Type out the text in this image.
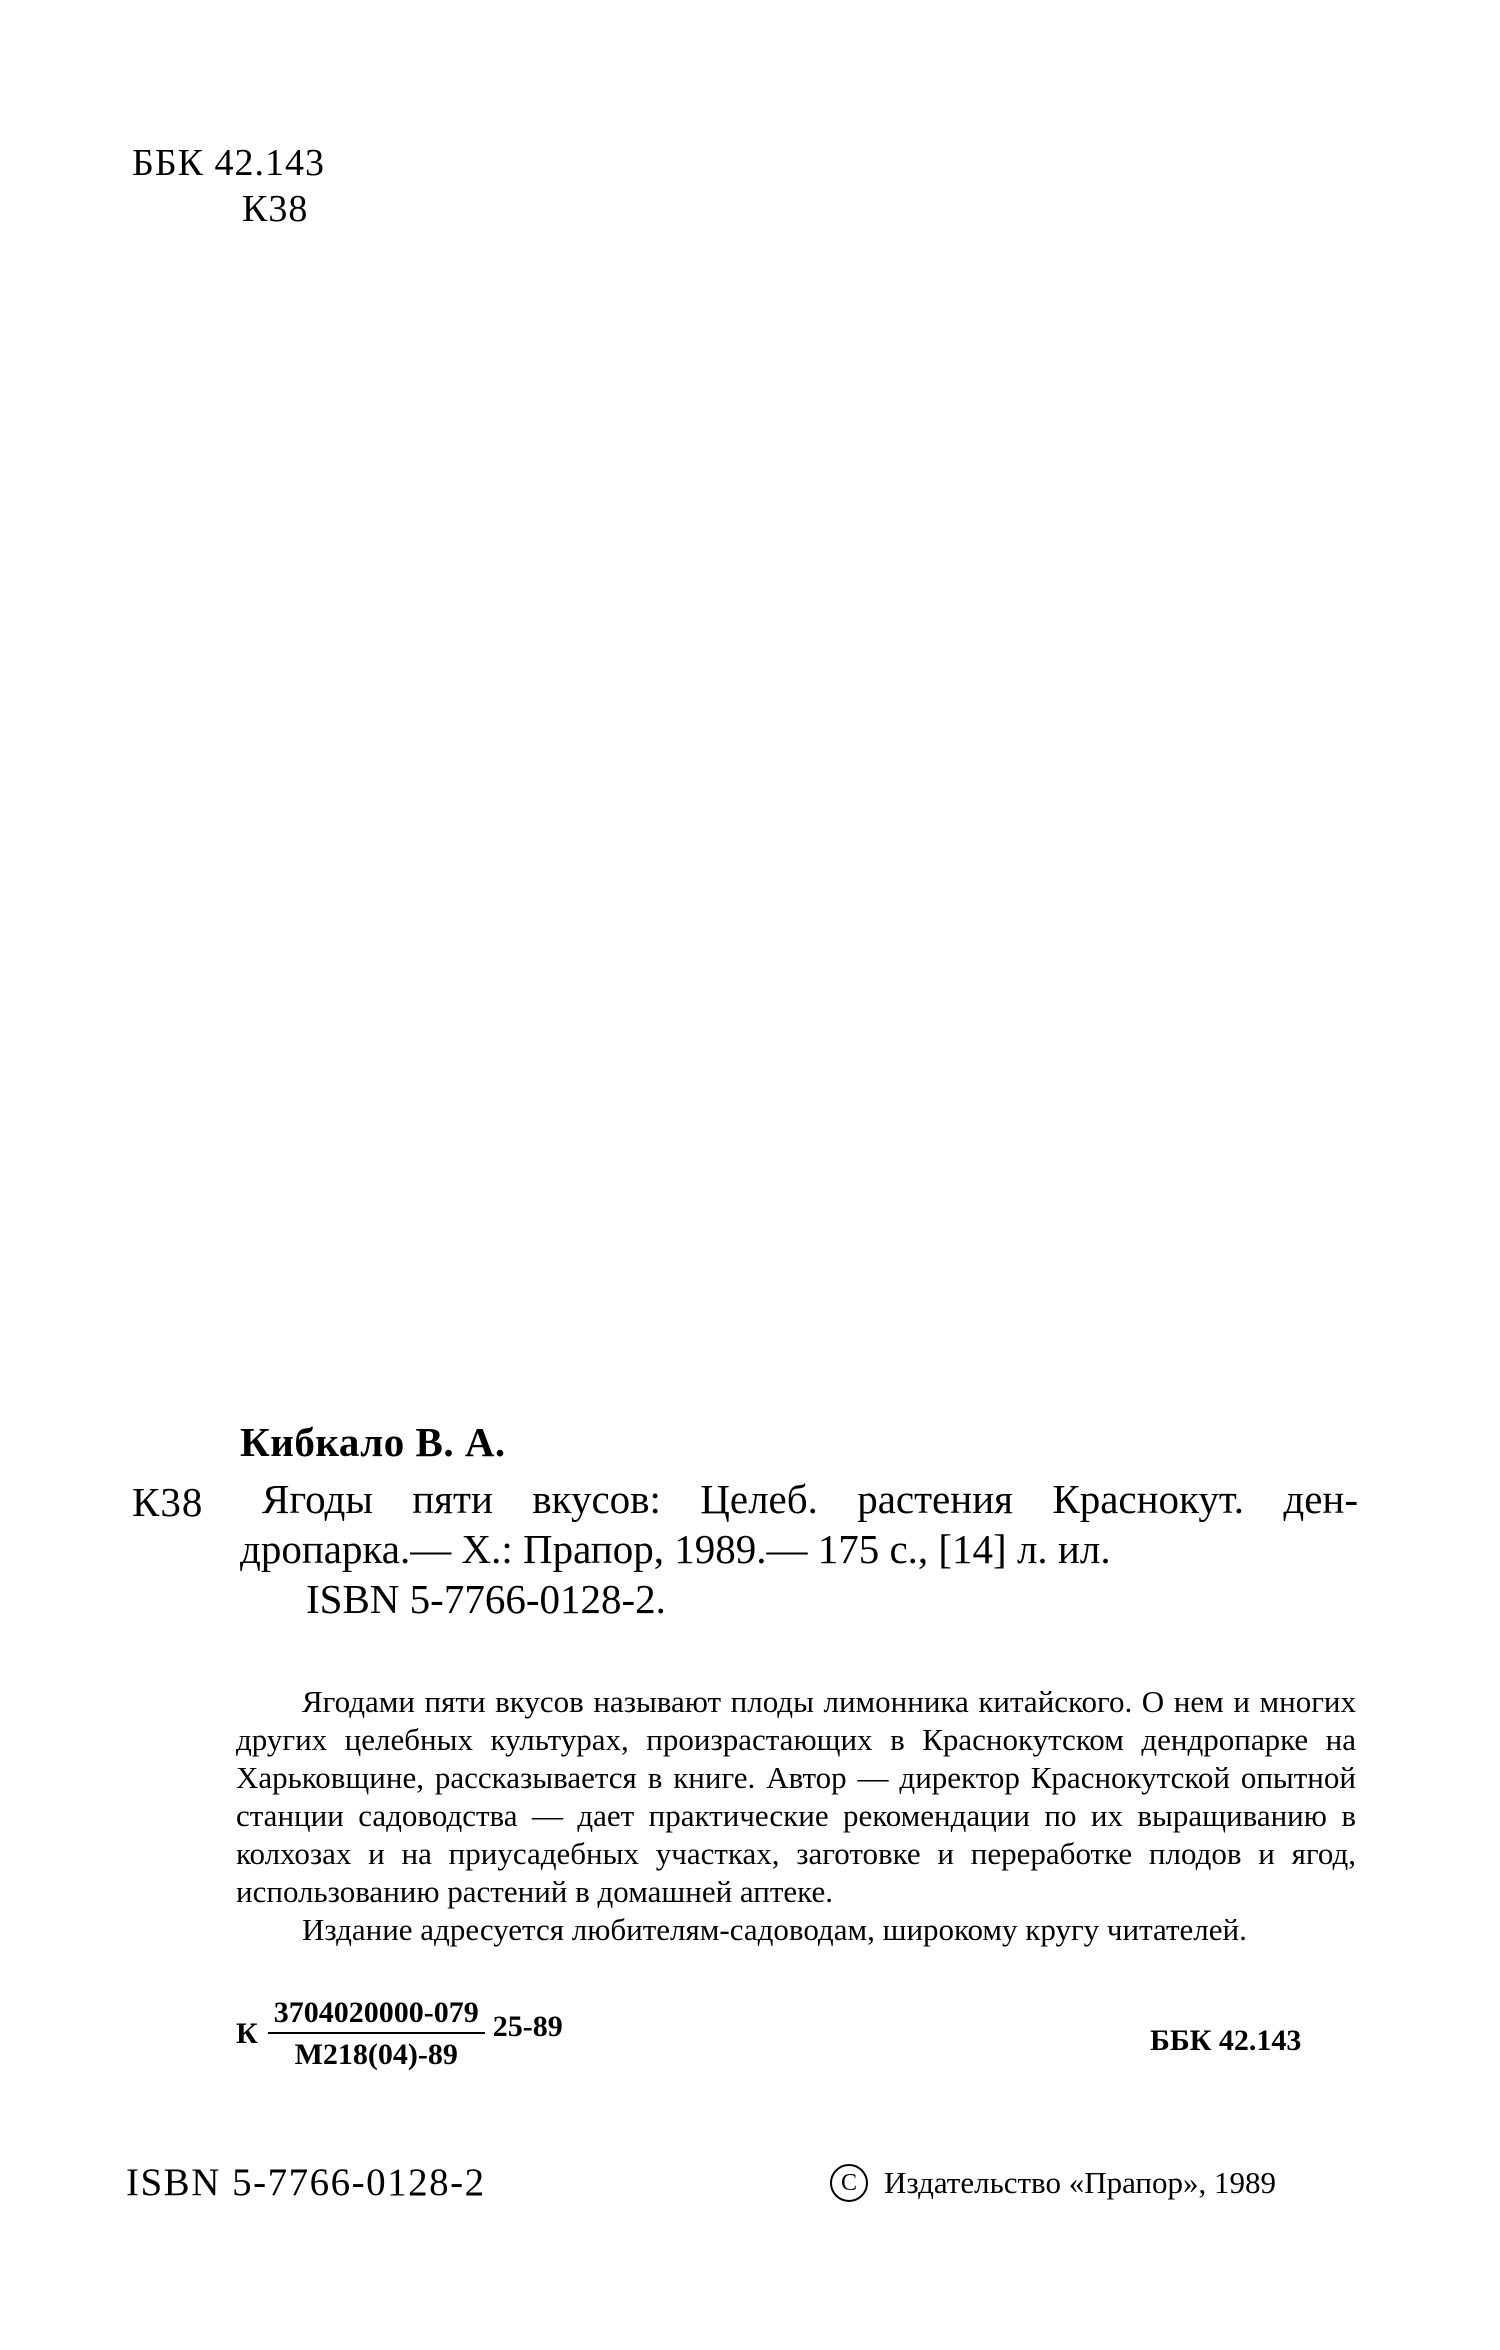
ББК 42.143
К38
Кибкало В. А.
К38 Ягоды пяти вкусов: Целеб. растения Краснокут. ден-
дропарка.— Х.: Прапор, 1989.— 175 с., [14] л. ил.
ISBN 5-7766-0128-2.

Ягодами пяти вкусов называют плоды лимонника китайского. О нем и многих других целебных культурах, произрастающих в Краснокутском дендропарке на Харьковщине, рассказывается в книге. Автор — директор Краснокутской опытной станции садоводства — дает практические рекомендации по их выращиванию в колхозах и на приусадебных участках, заготовке и переработке плодов и ягод, использованию растений в домашней аптеке.

Издание адресуется любителям-садоводам, широкому кругу читателей.

К $\frac{3704020000-079}{М218(04)-89} 25-89$	ББК 42.143
ISBN 5-7766-0128-2	C Издательство «Прапор», 1989
